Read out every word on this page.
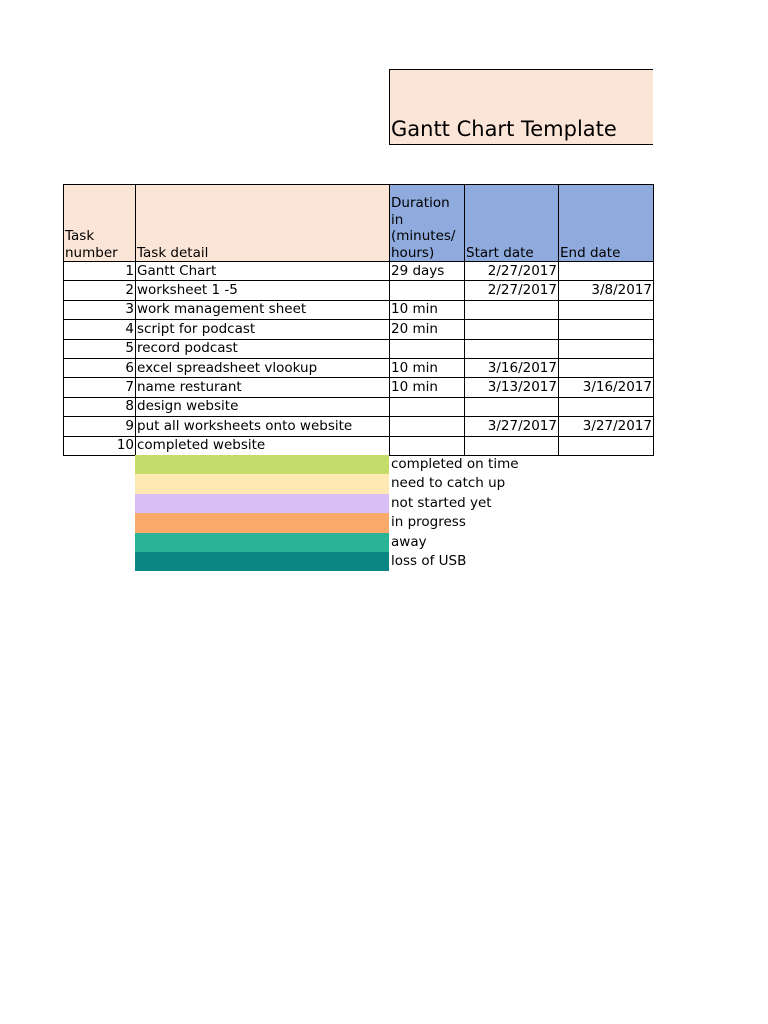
Gantt Chart Template
Task number	Task detail	Duration in (minutes/ hours)	Start date	End date
1	Gantt Chart	29 days	2/27/2017	
2	worksheet 1 -5		2/27/2017	3/8/2017
3	work management sheet	10 min		
4	script for podcast	20 min		
5	record podcast			
6	excel spreadsheet vlookup	10 min	3/16/2017	
7	name resturant	10 min	3/13/2017	3/16/2017
8	design website			
9	put all worksheets onto website		3/27/2017	3/27/2017
10	completed website			
completed on time
need to catch up
not started yet
in progress
away
loss of USB
